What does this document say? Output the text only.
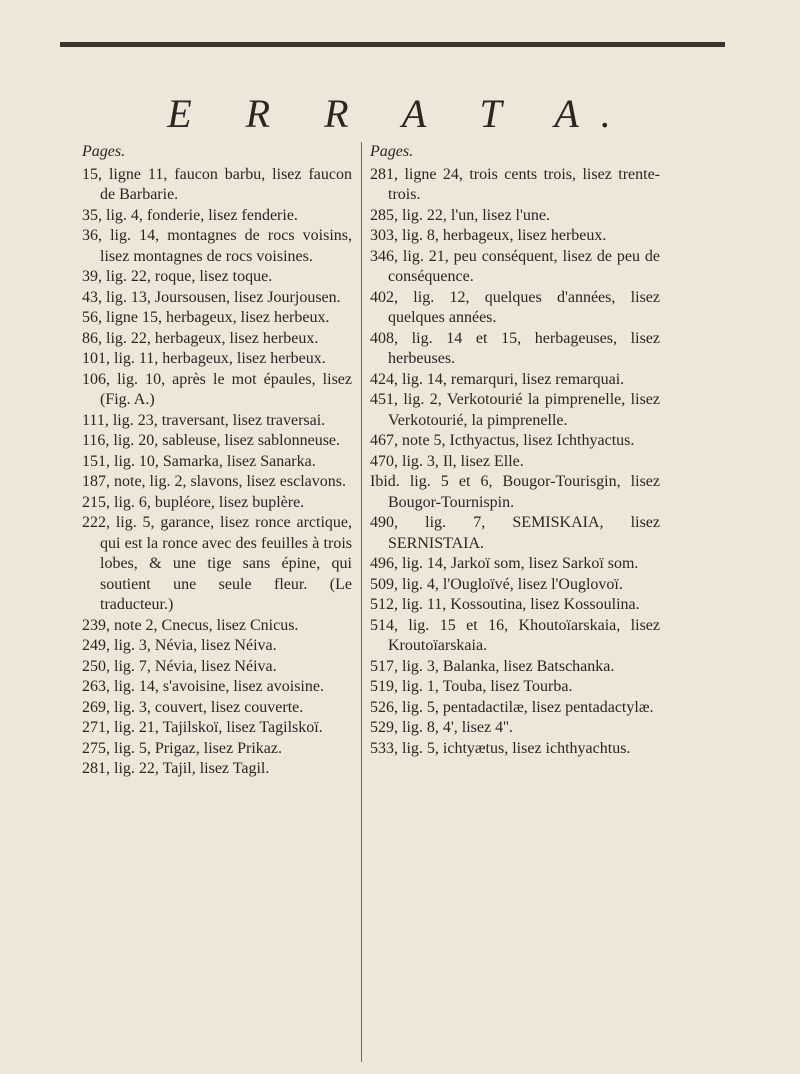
E R R A T A.
Pages.
15, ligne 11, faucon barbu, lisez faucon de Barbarie.
35, lig. 4, fonderie, lisez fenderie.
36, lig. 14, montagnes de rocs voisins, lisez montagnes de rocs voisines.
39, lig. 22, roque, lisez toque.
43, lig. 13, Joursousen, lisez Jourjousen.
56, ligne 15, herbageux, lisez herbeux.
86, lig. 22, herbageux, lisez herbeux.
101, lig. 11, herbageux, lisez herbeux.
106, lig. 10, après le mot épaules, lisez (Fig. A.)
111, lig. 23, traversant, lisez traversai.
116, lig. 20, sableuse, lisez sablonneuse.
151, lig. 10, Samarka, lisez Sanarka.
187, note, lig. 2, slavons, lisez esclavons.
215, lig. 6, bupléore, lisez buplère.
222, lig. 5, garance, lisez ronce arctique, qui est la ronce avec des feuilles à trois lobes, & une tige sans épine, qui soutient une seule fleur. (Le traducteur.)
239, note 2, Cnecus, lisez Cnicus.
249, lig. 3, Névia, lisez Néiva.
250, lig. 7, Névia, lisez Néiva.
263, lig. 14, s'avoisine, lisez avoisine.
269, lig. 3, couvert, lisez couverte.
271, lig. 21, Tajilskoï, lisez Tagilskoï.
275, lig. 5, Prigaz, lisez Prikaz.
281, lig. 22, Tajil, lisez Tagil.
Pages.
281, ligne 24, trois cents trois, lisez trente-trois.
285, lig. 22, l'un, lisez l'une.
303, lig. 8, herbageux, lisez herbeux.
346, lig. 21, peu conséquent, lisez de peu de conséquence.
402, lig. 12, quelques d'années, lisez quelques années.
408, lig. 14 et 15, herbageuses, lisez herbeuses.
424, lig. 14, remarquri, lisez remarquai.
451, lig. 2, Verkotourié la pimprenelle, lisez Verkotourié, la pimprenelle.
467, note 5, Icthyactus, lisez Ichthyactus.
470, lig. 3, Il, lisez Elle.
Ibid. lig. 5 et 6, Bougor-Tourisgin, lisez Bougor-Tournispin.
490, lig. 7, SEMISKAIA, lisez SERNISTAIA.
496, lig. 14, Jarkoï som, lisez Sarkoï som.
509, lig. 4, l'Ougloïvé, lisez l'Ouglovoï.
512, lig. 11, Kossoutina, lisez Kossoulina.
514, lig. 15 et 16, Khoutoïarskaia, lisez Kroutoïarskaia.
517, lig. 3, Balanka, lisez Batschanka.
519, lig. 1, Touba, lisez Tourba.
526, lig. 5, pentadactilæ, lisez pentadactylæ.
529, lig. 8, 4', lisez 4''.
533, lig. 5, ichtyætus, lisez ichthyachtus.
